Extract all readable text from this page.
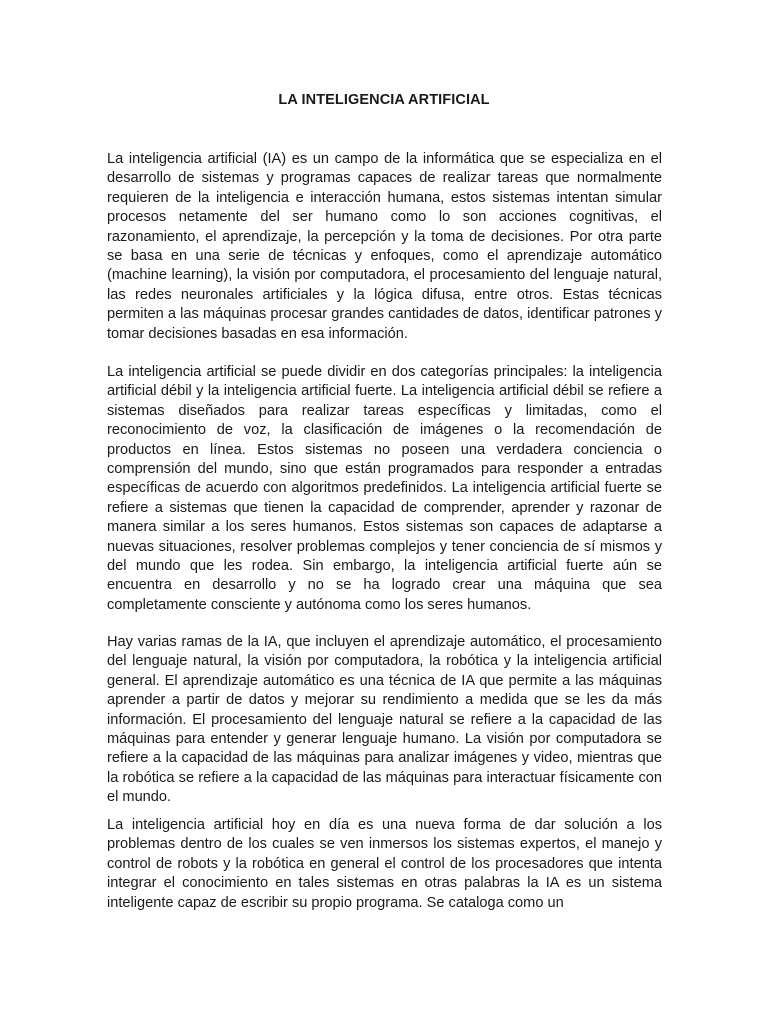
LA INTELIGENCIA ARTIFICIAL

La inteligencia artificial (IA) es un campo de la informática que se especializa en el desarrollo de sistemas y programas capaces de realizar tareas que normalmente requieren de la inteligencia e interacción humana, estos sistemas intentan simular procesos netamente del ser humano como lo son acciones cognitivas, el razonamiento, el aprendizaje, la percepción y la toma de decisiones. Por otra parte se basa en una serie de técnicas y enfoques, como el aprendizaje automático (machine learning), la visión por computadora, el procesamiento del lenguaje natural, las redes neuronales artificiales y la lógica difusa, entre otros. Estas técnicas permiten a las máquinas procesar grandes cantidades de datos, identificar patrones y tomar decisiones basadas en esa información.

La inteligencia artificial se puede dividir en dos categorías principales: la inteligencia artificial débil y la inteligencia artificial fuerte. La inteligencia artificial débil se refiere a sistemas diseñados para realizar tareas específicas y limitadas, como el reconocimiento de voz, la clasificación de imágenes o la recomendación de productos en línea. Estos sistemas no poseen una verdadera conciencia o comprensión del mundo, sino que están programados para responder a entradas específicas de acuerdo con algoritmos predefinidos. La inteligencia artificial fuerte se refiere a sistemas que tienen la capacidad de comprender, aprender y razonar de manera similar a los seres humanos. Estos sistemas son capaces de adaptarse a nuevas situaciones, resolver problemas complejos y tener conciencia de sí mismos y del mundo que les rodea. Sin embargo, la inteligencia artificial fuerte aún se encuentra en desarrollo y no se ha logrado crear una máquina que sea completamente consciente y autónoma como los seres humanos.

Hay varias ramas de la IA, que incluyen el aprendizaje automático, el procesamiento del lenguaje natural, la visión por computadora, la robótica y la inteligencia artificial general. El aprendizaje automático es una técnica de IA que permite a las máquinas aprender a partir de datos y mejorar su rendimiento a medida que se les da más información. El procesamiento del lenguaje natural se refiere a la capacidad de las máquinas para entender y generar lenguaje humano. La visión por computadora se refiere a la capacidad de las máquinas para analizar imágenes y video, mientras que la robótica se refiere a la capacidad de las máquinas para interactuar físicamente con el mundo.

La inteligencia artificial hoy en día es una nueva forma de dar solución a los problemas dentro de los cuales se ven inmersos los sistemas expertos, el manejo y control de robots y la robótica en general el control de los procesadores que intenta integrar el conocimiento en tales sistemas en otras palabras la IA es un sistema inteligente capaz de escribir su propio programa. Se cataloga como un
